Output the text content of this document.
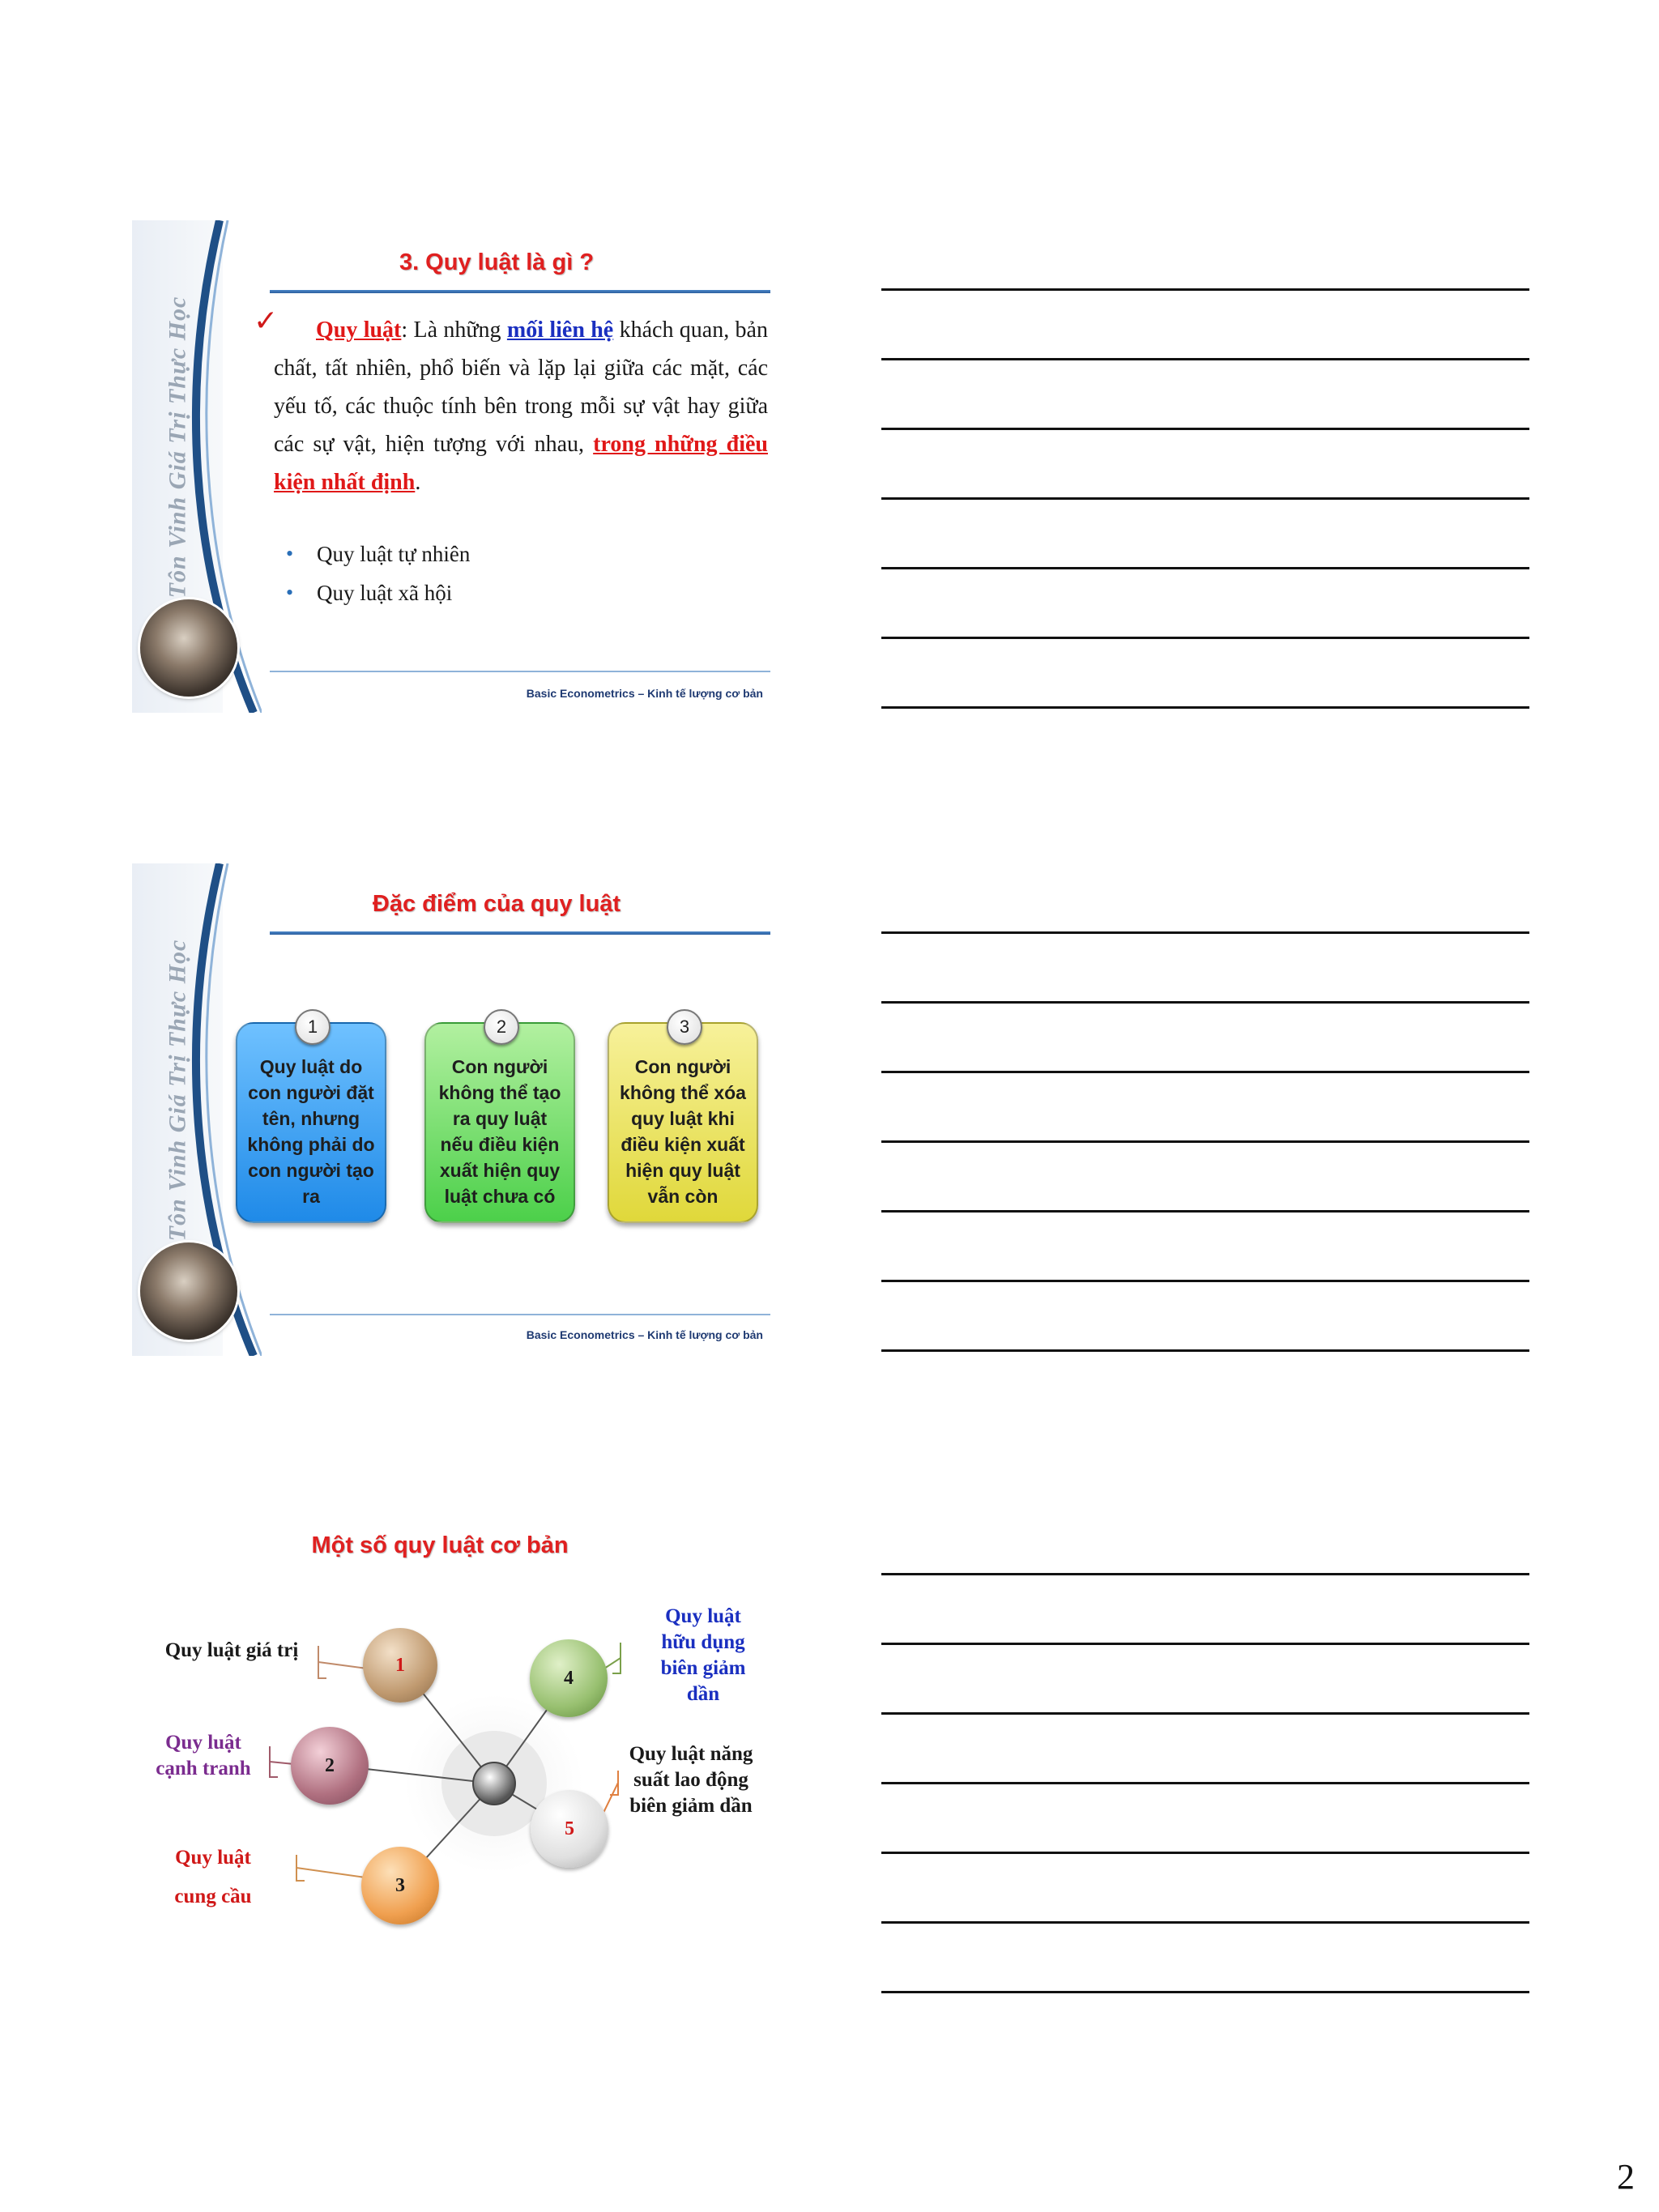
Tôn Vinh Giá Trị Thực Học
3. Quy luật là gì ?
✓	Quy luật: Là những mối liên hệ khách quan, bản chất, tất nhiên, phổ biến và lặp lại giữa các mặt, các yếu tố, các thuộc tính bên trong mỗi sự vật hay giữa các sự vật, hiện tượng với nhau, trong những điều kiện nhất định.
• Quy luật tự nhiên
• Quy luật xã hội
Basic Econometrics – Kinh tế lượng cơ bản
Tôn Vinh Giá Trị Thực Học
Đặc điểm của quy luật
1
Quy luật do con người đặt tên, nhưng không phải do con người tạo ra
2
Con người không thể tạo ra quy luật nếu điều kiện xuất hiện quy luật chưa có
3
Con người không thể xóa quy luật khi điều kiện xuất hiện quy luật vẫn còn
Basic Econometrics – Kinh tế lượng cơ bản
Một số quy luật cơ bản
1
2
3
4
5
Quy luật giá trị
Quy luật cạnh tranh
Quy luật cung cầu
Quy luật hữu dụng biên giảm dần
Quy luật năng suất lao động biên giảm dần
2
